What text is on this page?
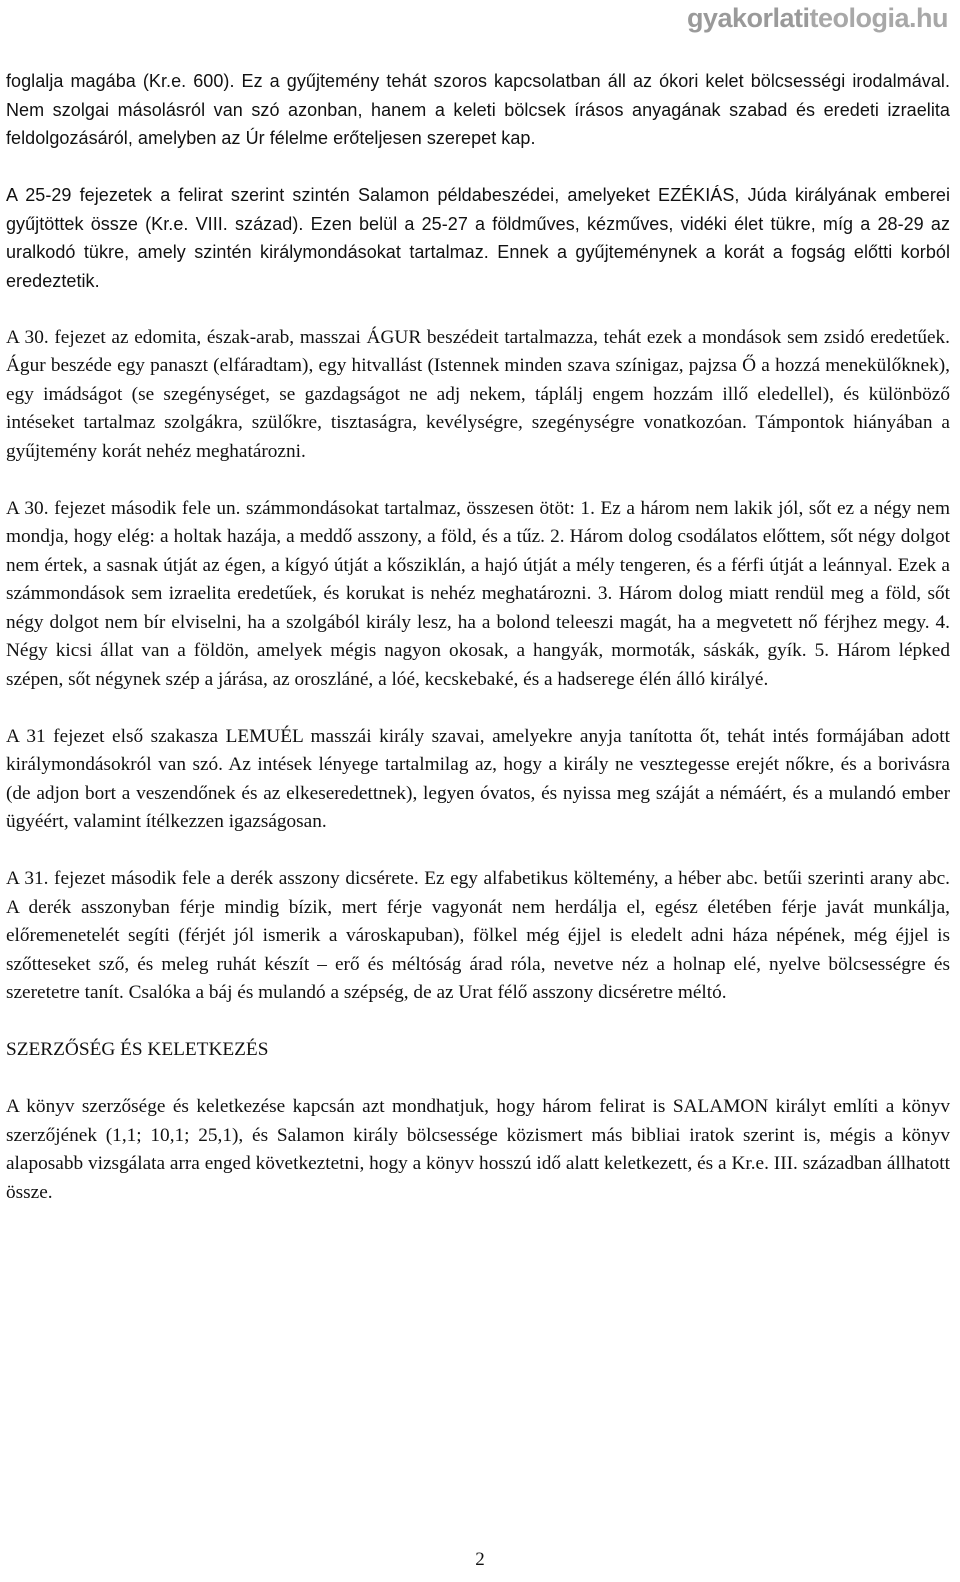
gyakorlatiteologia.hu

foglalja magába (Kr.e. 600). Ez a gyűjtemény tehát szoros kapcsolatban áll az ókori kelet bölcsességi irodalmával. Nem szolgai másolásról van szó azonban, hanem a keleti bölcsek írásos anyagának szabad és eredeti izraelita feldolgozásáról, amelyben az Úr félelme erőteljesen szerepet kap.

A 25-29 fejezetek a felirat szerint szintén Salamon példabeszédei, amelyeket EZÉKIÁS, Júda királyának emberei gyűjtöttek össze (Kr.e. VIII. század). Ezen belül a 25-27 a földműves, kézműves, vidéki élet tükre, míg a 28-29 az uralkodó tükre, amely szintén királymondásokat tartalmaz. Ennek a gyűjteménynek a korát a fogság előtti korból eredeztetik.

A 30. fejezet az edomita, észak-arab, masszai ÁGUR beszédeit tartalmazza, tehát ezek a mondások sem zsidó eredetűek. Águr beszéde egy panaszt (elfáradtam), egy hitvallást (Istennek minden szava színigaz, pajzsa Ő a hozzá menekülőknek), egy imádságot (se szegénységet, se gazdagságot ne adj nekem, táplálj engem hozzám illő eledellel), és különböző intéseket tartalmaz szolgákra, szülőkre, tisztaságra, kevélységre, szegénységre vonatkozóan. Támpontok hiányában a gyűjtemény korát nehéz meghatározni.

A 30. fejezet második fele un. számmondásokat tartalmaz, összesen ötöt: 1. Ez a három nem lakik jól, sőt ez a négy nem mondja, hogy elég: a holtak hazája, a meddő asszony, a föld, és a tűz. 2. Három dolog csodálatos előttem, sőt négy dolgot nem értek, a sasnak útját az égen, a kígyó útját a kősziklán, a hajó útját a mély tengeren, és a férfi útját a leánnyal. Ezek a számmondások sem izraelita eredetűek, és korukat is nehéz meghatározni. 3. Három dolog miatt rendül meg a föld, sőt négy dolgot nem bír elviselni, ha a szolgából király lesz, ha a bolond teleeszi magát, ha a megvetett nő férjhez megy. 4. Négy kicsi állat van a földön, amelyek mégis nagyon okosak, a hangyák, mormoták, sáskák, gyík. 5. Három lépked szépen, sőt négynek szép a járása, az oroszláné, a lóé, kecskebaké, és a hadserege élén álló királyé.

A 31 fejezet első szakasza LEMUÉL masszái király szavai, amelyekre anyja tanította őt, tehát intés formájában adott királymondásokról van szó. Az intések lényege tartalmilag az, hogy a király ne vesztegesse erejét nőkre, és a borivásra (de adjon bort a veszendőnek és az elkeseredettnek), legyen óvatos, és nyissa meg száját a némáért, és a mulandó ember ügyéért, valamint ítélkezzen igazságosan.

A 31. fejezet második fele a derék asszony dicsérete. Ez egy alfabetikus költemény, a héber abc. betűi szerinti arany abc. A derék asszonyban férje mindig bízik, mert férje vagyonát nem herdálja el, egész életében férje javát munkálja, előremenetelét segíti (férjét jól ismerik a városkapuban), fölkel még éjjel is eledelt adni háza népének, még éjjel is szőtteseket sző, és meleg ruhát készít – erő és méltóság árad róla, nevetve néz a holnap elé, nyelve bölcsességre és szeretetre tanít. Csalóka a báj és mulandó a szépség, de az Urat félő asszony dicséretre méltó.

SZERZŐSÉG ÉS KELETKEZÉS

A könyv szerzősége és keletkezése kapcsán azt mondhatjuk, hogy három felirat is SALAMON királyt említi a könyv szerzőjének (1,1; 10,1; 25,1), és Salamon király bölcsessége közismert más bibliai iratok szerint is, mégis a könyv alaposabb vizsgálata arra enged következtetni, hogy a könyv hosszú idő alatt keletkezett, és a Kr.e. III. században állhatott össze.

2
